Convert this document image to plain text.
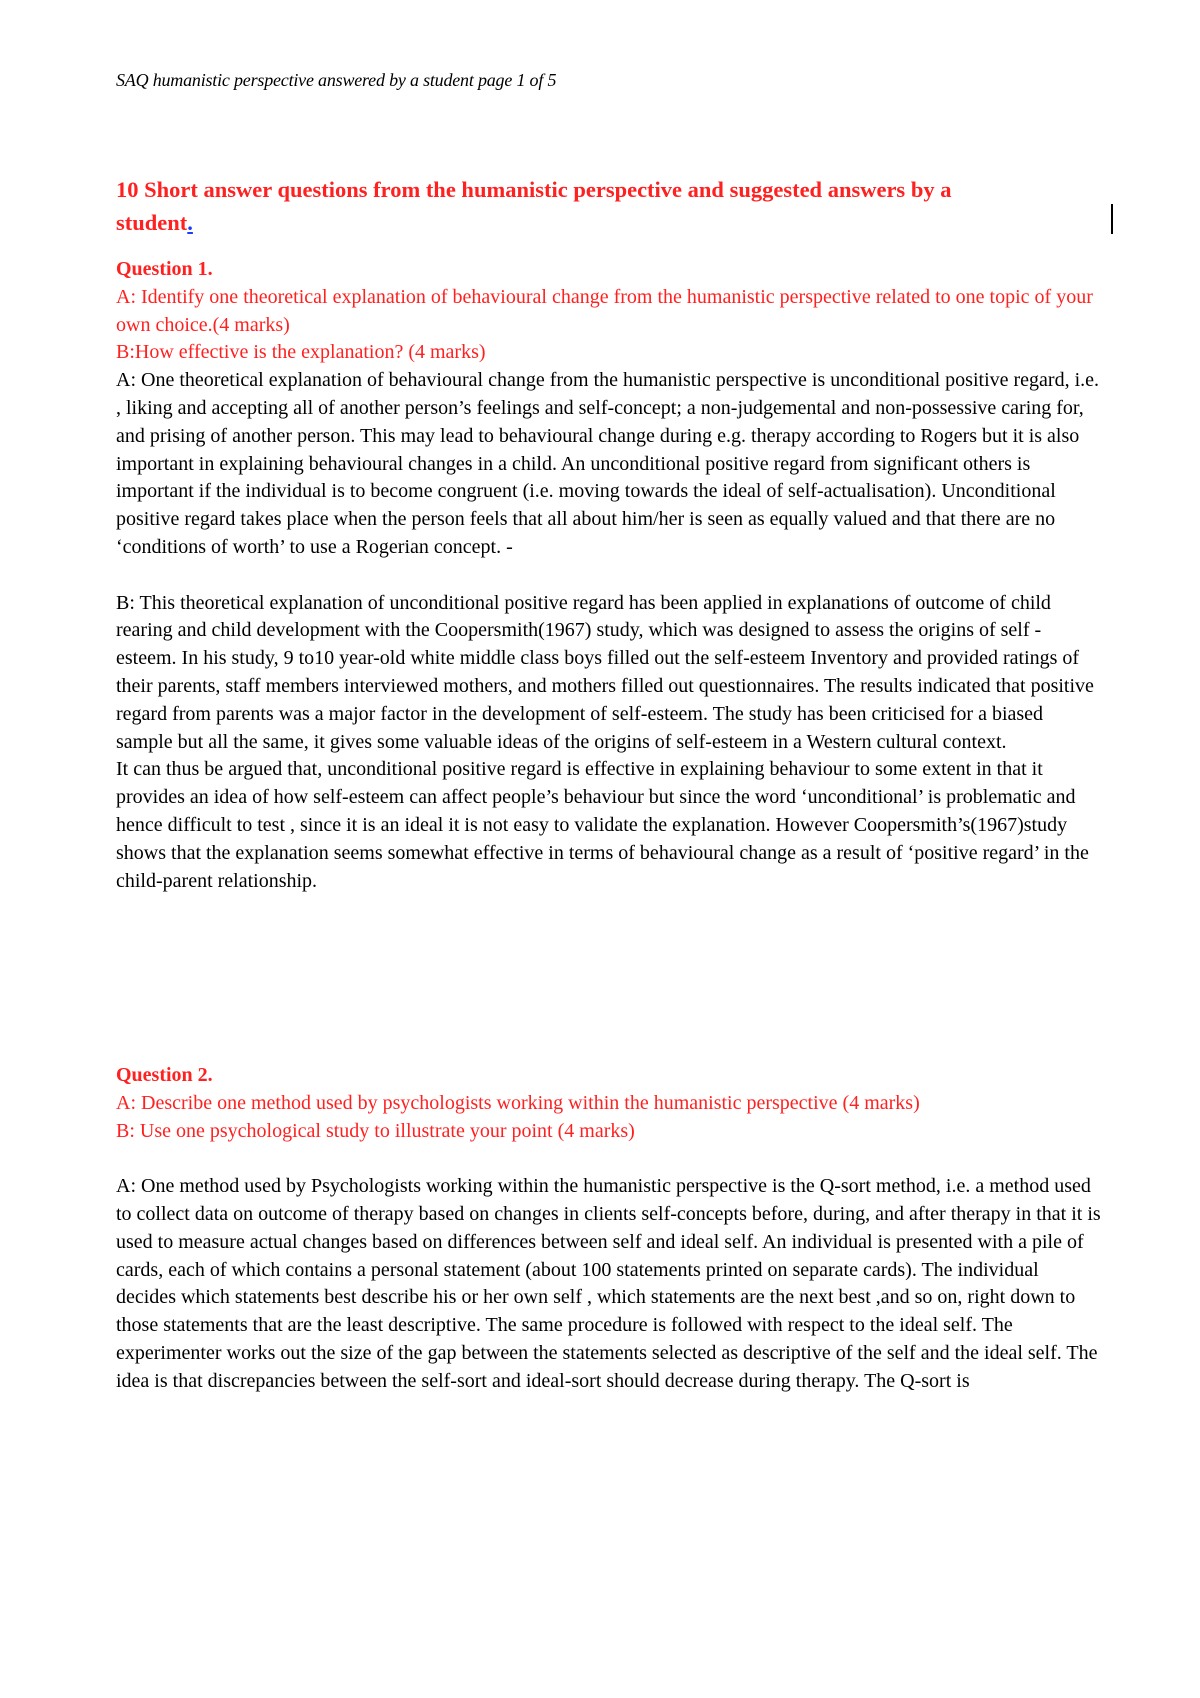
SAQ humanistic perspective answered by a student page 1 of 5
10 Short answer questions from the humanistic perspective and suggested answers by a student.

Question 1.

A: Identify one theoretical explanation of behavioural change from the humanistic perspective related to one topic of your own choice.(4 marks)

B:How effective is the explanation? (4 marks)

A: One theoretical explanation of behavioural change from the humanistic perspective is unconditional positive regard, i.e. , liking and accepting all of another person’s feelings and self-concept; a non-judgemental and non-possessive caring for, and prising of another person. This may lead to behavioural change during e.g. therapy according to Rogers but it is also important in explaining behavioural changes in a child. An unconditional positive regard from significant others is important if the individual is to become congruent (i.e. moving towards the ideal of self-actualisation). Unconditional positive regard takes place when the person feels that all about him/her is seen as equally valued and that there are no ‘conditions of worth’ to use a Rogerian concept. -

B: This theoretical explanation of unconditional positive regard has been applied in explanations of outcome of child rearing and child development with the Coopersmith(1967) study, which was designed to assess the origins of self -esteem. In his study, 9 to10 year-old white middle class boys filled out the self-esteem Inventory and provided ratings of their parents, staff members interviewed mothers, and mothers filled out questionnaires. The results indicated that positive regard from parents was a major factor in the development of self-esteem. The study has been criticised for a biased sample but all the same, it gives some valuable ideas of the origins of self-esteem in a Western cultural context.

It can thus be argued that, unconditional positive regard is effective in explaining behaviour to some extent in that it provides an idea of how self-esteem can affect people’s behaviour but since the word ‘unconditional’ is problematic and hence difficult to test , since it is an ideal it is not easy to validate the explanation. However Coopersmith’s(1967)study shows that the explanation seems somewhat effective in terms of behavioural change as a result of ‘positive regard’ in the child-parent relationship.

Question 2.

A: Describe one method used by psychologists working within the humanistic perspective (4 marks)

B: Use one psychological study to illustrate your point (4 marks)

A: One method used by Psychologists working within the humanistic perspective is the Q-sort method, i.e. a method used to collect data on outcome of therapy based on changes in clients self-concepts before, during, and after therapy in that it is used to measure actual changes based on differences between self and ideal self. An individual is presented with a pile of cards, each of which contains a personal statement (about 100 statements printed on separate cards). The individual decides which statements best describe his or her own self , which statements are the next best ,and so on, right down to those statements that are the least descriptive. The same procedure is followed with respect to the ideal self. The experimenter works out the size of the gap between the statements selected as descriptive of the self and the ideal self. The idea is that discrepancies between the self-sort and ideal-sort should decrease during therapy. The Q-sort is
